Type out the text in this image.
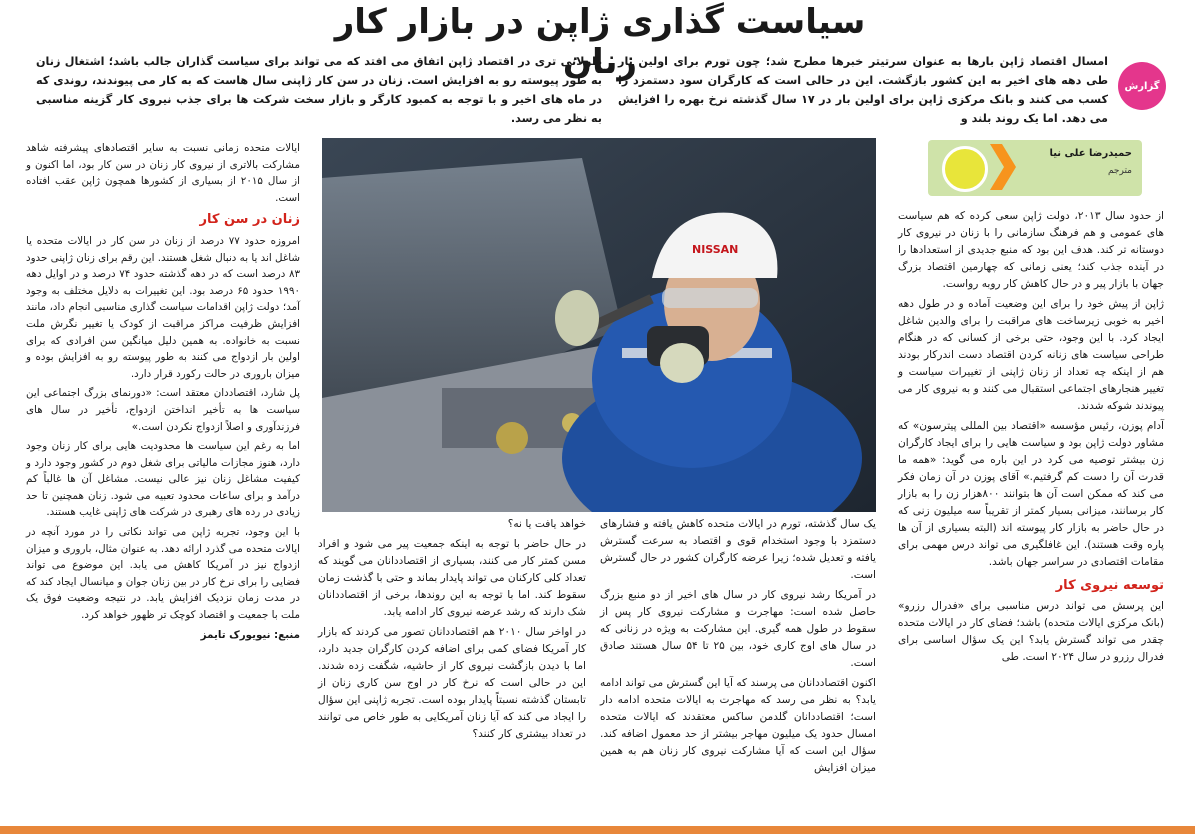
سیاست گذاری ژاپن در بازار کار زنان
امسال اقتصاد ژاپن بارها به عنوان سرتیتر خبرها مطرح شد؛ چون تورم برای اولین بار طی دهه های اخیر به این کشور بازگشت. این در حالی است که کارگران سود دستمزد را کسب می کنند و بانک مرکزی ژاپن برای اولین بار در ۱۷ سال گذشته نرخ بهره را افزایش می دهد. اما یک روند بلند و
طولانی تری در اقتصاد ژاپن اتفاق می افتد که می تواند برای سیاست گذاران جالب باشد؛ اشتغال زنان به طور پیوسته رو به افزایش است. زنان در سن کار ژاپنی سال هاست که به کار می پیوندند، روندی که در ماه های اخیر و با توجه به کمبود کارگر و بازار سخت شرکت ها برای جذب نیروی کار گزینه مناسبی به نظر می رسد.
گزارش
حمیدرضا علی نیا
مترجم

از حدود سال ۲۰۱۳، دولت ژاپن سعی کرده که هم سیاست های عمومی و هم فرهنگ سازمانی را با زنان در نیروی کار دوستانه تر کند. هدف این بود که منبع جدیدی از استعدادها را در آینده جذب کند؛ یعنی زمانی که چهارمین اقتصاد بزرگ جهان با بازار پیر و در حال کاهش کار روبه رواست.

ژاپن از پیش خود را برای این وضعیت آماده و در طول دهه اخیر به خوبی زیرساخت های مراقبت را برای والدین شاغل ایجاد کرد. با این وجود، حتی برخی از کسانی که در هنگام طراحی سیاست های زنانه کردن اقتصاد دست اندرکار بودند هم از اینکه چه تعداد از زنان ژاپنی از تغییرات سیاست و تغییر هنجارهای اجتماعی استقبال می کنند و به نیروی کار می پیوندند شوکه شدند.

آدام پوزن، رئیس مؤسسه «اقتصاد بین المللی پیترسون» که مشاور دولت ژاپن بود و سیاست هایی را برای ایجاد کارگران زن بیشتر توصیه می کرد در این باره می گوید: «همه ما قدرت آن را دست کم گرفتیم.» آقای پوزن در آن زمان فکر می کند که ممکن است آن ها بتوانند ۸۰۰هزار زن را به بازار کار برسانند، میزانی بسیار کمتر از تقریباً سه میلیون زنی که در حال حاضر به بازار کار پیوسته اند (البته بسیاری از آن ها پاره وقت هستند). این غافلگیری می تواند درس مهمی برای مقامات اقتصادی در سراسر جهان باشد.

توسعه نیروی کار

این پرسش می تواند درس مناسبی برای «فدرال رزرو» (بانک مرکزی ایالات متحده) باشد؛ فضای کار در ایالات متحده چقدر می تواند گسترش یابد؟ این یک سؤال اساسی برای فدرال رزرو در سال ۲۰۲۴ است. طی

NISSAN

یک سال گذشته، تورم در ایالات متحده کاهش یافته و فشارهای دستمزد با وجود استخدام قوی و اقتصاد به سرعت گسترش یافته و تعدیل شده؛ زیرا عرضه کارگران کشور در حال گسترش است.

در آمریکا رشد نیروی کار در سال های اخیر از دو منبع بزرگ حاصل شده است: مهاجرت و مشارکت نیروی کار پس از سقوط در طول همه گیری. این مشارکت به ویژه در زنانی که در سال های اوج کاری خود، بین ۲۵ تا ۵۴ سال هستند صادق است.

اکنون اقتصاددانان می پرسند که آیا این گسترش می تواند ادامه یابد؟ به نظر می رسد که مهاجرت به ایالات متحده ادامه دار است؛ اقتصاددانان گلدمن ساکس معتقدند که ایالات متحده امسال حدود یک میلیون مهاجر بیشتر از حد معمول اضافه کند. سؤال این است که آیا مشارکت نیروی کار زنان هم به همین میزان افزایش

خواهد یافت یا نه؟

در حال حاضر با توجه به اینکه جمعیت پیر می شود و افراد مسن کمتر کار می کنند، بسیاری از اقتصاددانان می گویند که تعداد کلی کارکنان می تواند پایدار بماند و حتی با گذشت زمان سقوط کند. اما با توجه به این روندها، برخی از اقتصاددانان شک دارند که رشد عرضه نیروی کار ادامه یابد.

در اواخر سال ۲۰۱۰ هم اقتصاددانان تصور می کردند که بازار کار آمریکا فضای کمی برای اضافه کردن کارگران جدید دارد، اما با دیدن بازگشت نیروی کار از حاشیه، شگفت زده شدند. این در حالی است که نرخ کار در اوج سن کاری زنان از تابستان گذشته نسبتاً پایدار بوده است. تجربه ژاپنی این سؤال را ایجاد می کند که آیا زنان آمریکایی به طور خاص می توانند در تعداد بیشتری کار کنند؟

ایالات متحده زمانی نسبت به سایر اقتصادهای پیشرفته شاهد مشارکت بالاتری از نیروی کار زنان در سن کار بود، اما اکنون و از سال ۲۰۱۵ از بسیاری از کشورها همچون ژاپن عقب افتاده است.

زنان در سن کار

امروزه حدود ۷۷ درصد از زنان در سن کار در ایالات متحده یا شاغل اند یا به دنبال شغل هستند. این رقم برای زنان ژاپنی حدود ۸۳ درصد است که در دهه گذشته حدود ۷۴ درصد و در اوایل دهه ۱۹۹۰ حدود ۶۵ درصد بود. این تغییرات به دلایل مختلف به وجود آمد؛ دولت ژاپن اقدامات سیاست گذاری مناسبی انجام داد، مانند افزایش ظرفیت مراکز مراقبت از کودک یا تغییر نگرش ملت نسبت به خانواده. به همین دلیل میانگین سن افرادی که برای اولین بار ازدواج می کنند به طور پیوسته رو به افزایش بوده و میزان باروری در حالت رکورد قرار دارد.

پل شارد، اقتصاددان معتقد است: «دورنمای بزرگ اجتماعی این سیاست ها به تأخیر انداختن ازدواج، تأخیر در سال های فرزندآوری و اصلاً ازدواج نکردن است.»

اما به رغم این سیاست ها محدودیت هایی برای کار زنان وجود دارد، هنوز مجازات مالیاتی برای شغل دوم در کشور وجود دارد و کیفیت مشاغل زنان نیز عالی نیست. مشاغل آن ها غالباً کم درآمد و برای ساعات محدود تعبیه می شود. زنان همچنین تا حد زیادی در رده های رهبری در شرکت های ژاپنی غایب هستند.

با این وجود، تجربه ژاپن می تواند نکاتی را در مورد آنچه در ایالات متحده می گذرد ارائه دهد. به عنوان مثال، باروری و میزان ازدواج نیز در آمریکا کاهش می یابد. این موضوع می تواند فضایی را برای نرخ کار در بین زنان جوان و میانسال ایجاد کند که در مدت زمان نزدیک افزایش یابد. در نتیجه وضعیت فوق یک ملت با جمعیت و اقتصاد کوچک تر ظهور خواهد کرد.

منبع: نیویورک تایمز
